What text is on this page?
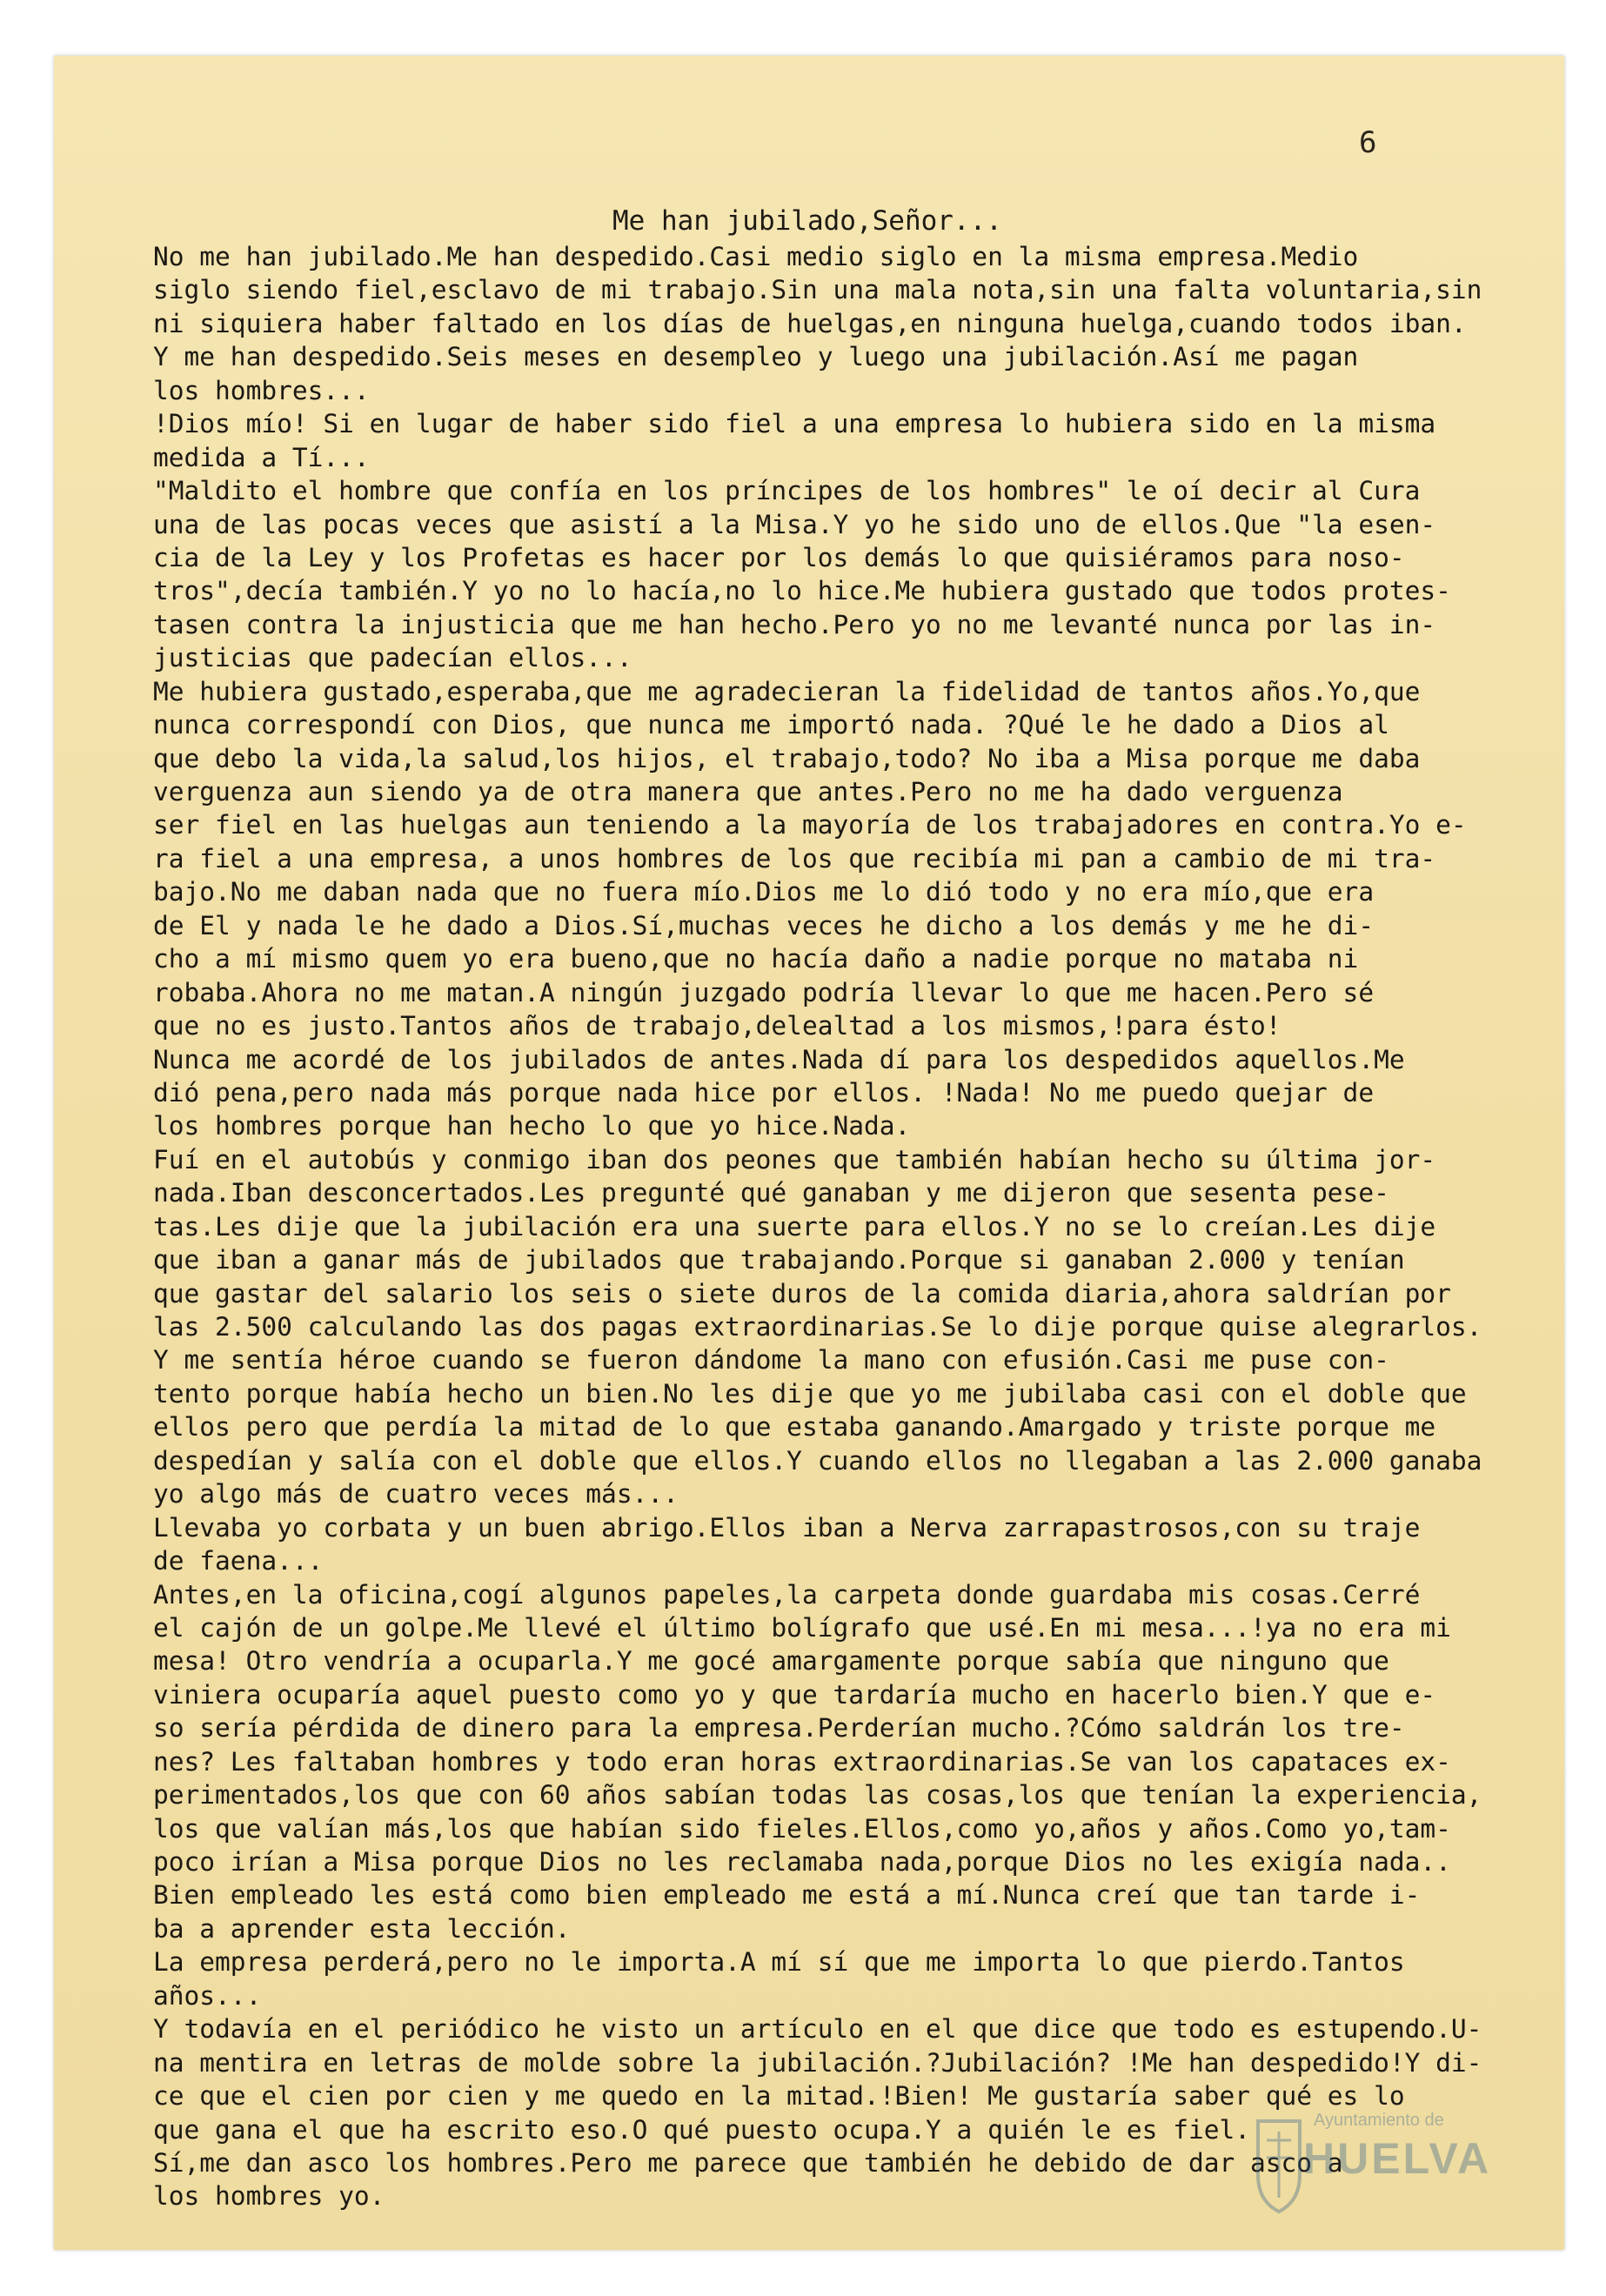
6
Me han jubilado,Señor...
No me han jubilado.Me han despedido.Casi medio siglo en la misma empresa.Medio
siglo siendo fiel,esclavo de mi trabajo.Sin una mala nota,sin una falta voluntaria,sin
ni siquiera haber faltado en los días de huelgas,en ninguna huelga,cuando todos iban.
Y me han despedido.Seis meses en desempleo y luego una jubilación.Así me pagan
los hombres...
!Dios mío! Si en lugar de haber sido fiel a una empresa lo hubiera sido en la misma
medida a Tí...
"Maldito el hombre que confía en los príncipes de los hombres" le oí decir al Cura
una de las pocas veces que asistí a la Misa.Y yo he sido uno de ellos.Que "la esen-
cia de la Ley y los Profetas es hacer por los demás lo que quisiéramos para noso-
tros",decía también.Y yo no lo hacía,no lo hice.Me hubiera gustado que todos protes-
tasen contra la injusticia que me han hecho.Pero yo no me levanté nunca por las in-
justicias que padecían ellos...
Me hubiera gustado,esperaba,que me agradecieran la fidelidad de tantos años.Yo,que
nunca correspondí con Dios, que nunca me importó nada. ?Qué le he dado a Dios al
que debo la vida,la salud,los hijos, el trabajo,todo? No iba a Misa porque me daba
verguenza aun siendo ya de otra manera que antes.Pero no me ha dado verguenza
ser fiel en las huelgas aun teniendo a la mayoría de los trabajadores en contra.Yo e-
ra fiel a una empresa, a unos hombres de los que recibía mi pan a cambio de mi tra-
bajo.No me daban nada que no fuera mío.Dios me lo dió todo y no era mío,que era
de El y nada le he dado a Dios.Sí,muchas veces he dicho a los demás y me he di-
cho a mí mismo quem yo era bueno,que no hacía daño a nadie porque no mataba ni
robaba.Ahora no me matan.A ningún juzgado podría llevar lo que me hacen.Pero sé
que no es justo.Tantos años de trabajo,delealtad a los mismos,!para ésto!
Nunca me acordé de los jubilados de antes.Nada dí para los despedidos aquellos.Me
dió pena,pero nada más porque nada hice por ellos. !Nada! No me puedo quejar de
los hombres porque han hecho lo que yo hice.Nada.
Fuí en el autobús y conmigo iban dos peones que también habían hecho su última jor-
nada.Iban desconcertados.Les pregunté qué ganaban y me dijeron que sesenta pese-
tas.Les dije que la jubilación era una suerte para ellos.Y no se lo creían.Les dije
que iban a ganar más de jubilados que trabajando.Porque si ganaban 2.000 y tenían
que gastar del salario los seis o siete duros de la comida diaria,ahora saldrían por
las 2.500 calculando las dos pagas extraordinarias.Se lo dije porque quise alegrarlos.
Y me sentía héroe cuando se fueron dándome la mano con efusión.Casi me puse con-
tento porque había hecho un bien.No les dije que yo me jubilaba casi con el doble que
ellos pero que perdía la mitad de lo que estaba ganando.Amargado y triste porque me
despedían y salía con el doble que ellos.Y cuando ellos no llegaban a las 2.000 ganaba
yo algo más de cuatro veces más...
Llevaba yo corbata y un buen abrigo.Ellos iban a Nerva zarrapastrosos,con su traje
de faena...
Antes,en la oficina,cogí algunos papeles,la carpeta donde guardaba mis cosas.Cerré
el cajón de un golpe.Me llevé el último bolígrafo que usé.En mi mesa...!ya no era mi
mesa! Otro vendría a ocuparla.Y me gocé amargamente porque sabía que ninguno que
viniera ocuparía aquel puesto como yo y que tardaría mucho en hacerlo bien.Y que e-
so sería pérdida de dinero para la empresa.Perderían mucho.?Cómo saldrán los tre-
nes? Les faltaban hombres y todo eran horas extraordinarias.Se van los capataces ex-
perimentados,los que con 60 años sabían todas las cosas,los que tenían la experiencia,
los que valían más,los que habían sido fieles.Ellos,como yo,años y años.Como yo,tam-
poco irían a Misa porque Dios no les reclamaba nada,porque Dios no les exigía nada..
Bien empleado les está como bien empleado me está a mí.Nunca creí que tan tarde i-
ba a aprender esta lección.
La empresa perderá,pero no le importa.A mí sí que me importa lo que pierdo.Tantos
años...
Y todavía en el periódico he visto un artículo en el que dice que todo es estupendo.U-
na mentira en letras de molde sobre la jubilación.?Jubilación? !Me han despedido!Y di-
ce que el cien por cien y me quedo en la mitad.!Bien! Me gustaría saber qué es lo
que gana el que ha escrito eso.O qué puesto ocupa.Y a quién le es fiel.
Sí,me dan asco los hombres.Pero me parece que también he debido de dar asco a
los hombres yo.
Ayuntamiento de
HUELVA
